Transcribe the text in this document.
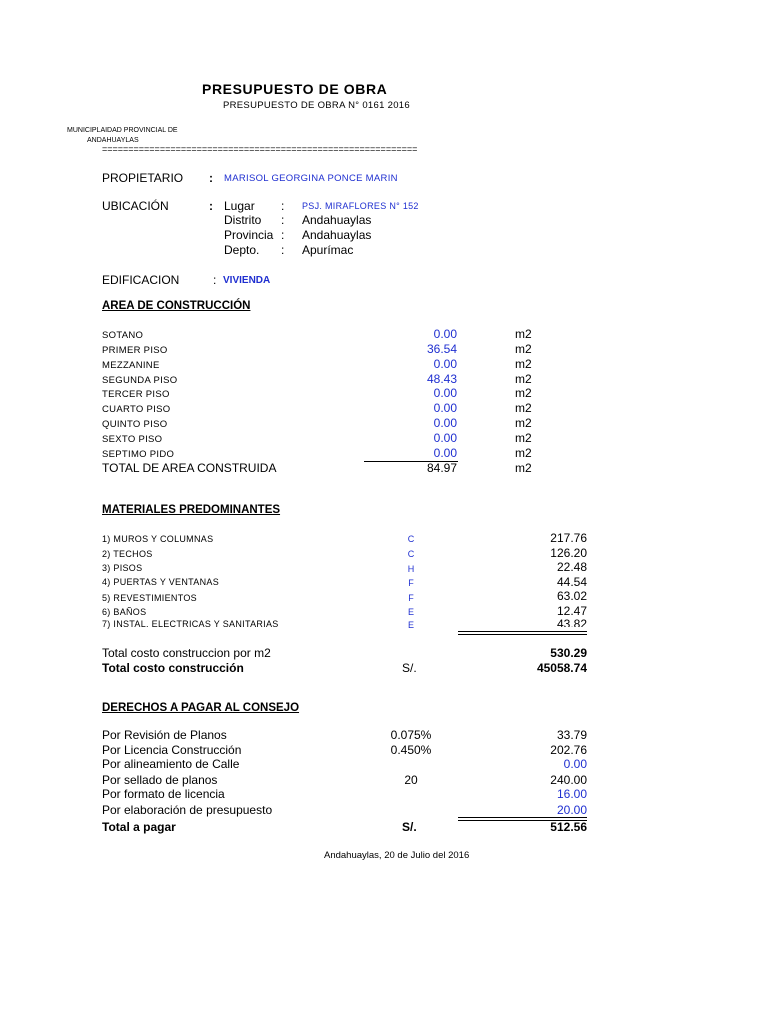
PRESUPUESTO DE OBRA
PRESUPUESTO DE OBRA N° 0161 2016
MUNICIPLAIDAD PROVINCIAL DE
ANDAHUAYLAS
============================================================
PROPIETARIO : MARISOL GEORGINA PONCE MARIN
UBICACIÓN	: Lugar : PSJ. MIRAFLORES N° 152
Distrito : Andahuaylas
Provincia : Andahuaylas
Depto. : Apurímac
EDIFICACION	: VIVIENDA
AREA DE CONSTRUCCIÓN
SOTANO	0.00	m2
PRIMER PISO	36.54	m2
MEZZANINE	0.00	m2
SEGUNDA PISO	48.43	m2
TERCER PISO	0.00	m2
CUARTO PISO	0.00	m2
QUINTO PISO	0.00	m2
SEXTO PISO	0.00	m2
SEPTIMO PIDO	0.00	m2
TOTAL DE AREA CONSTRUIDA	84.97	m2
MATERIALES PREDOMINANTES
1) MUROS Y COLUMNAS	C	217.76
2) TECHOS	C	126.20
3) PISOS	H	22.48
4) PUERTAS Y VENTANAS	F	44.54
5) REVESTIMIENTOS	F	63.02
6) BAÑOS	E	12.47
7) INSTAL. ELECTRICAS Y SANITARIAS	E	43.82
Total costo construccion por m2	530.29
Total costo construcción	S/.	45058.74
DERECHOS A PAGAR AL CONSEJO
Por Revisión de Planos	0.075%	33.79
Por Licencia Construcción	0.450%	202.76
Por alineamiento de Calle	0.00
Por sellado de planos	20	240.00
Por formato de licencia	16.00
Por elaboración de presupuesto	20.00
Total a pagar	S/.	512.56
Andahuaylas, 20 de Julio del 2016
